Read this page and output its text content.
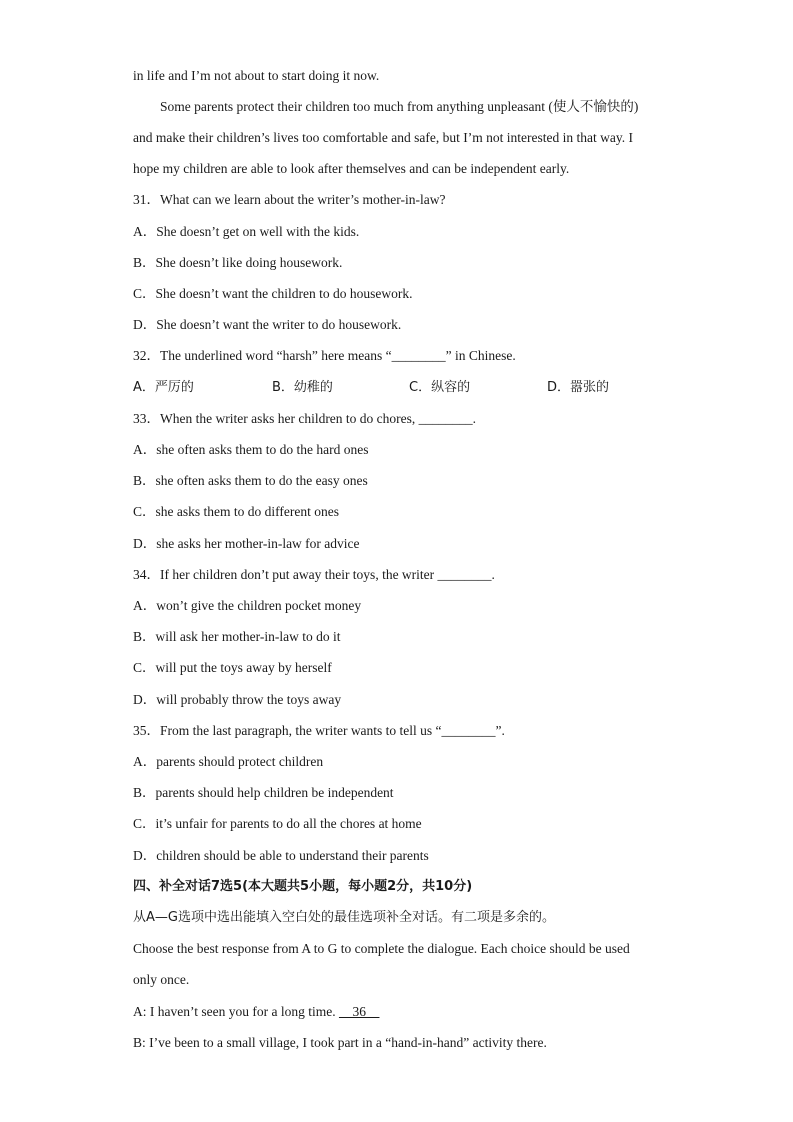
in life and I’m not about to start doing it now.
Some parents protect their children too much from anything unpleasant (使人不愉快的)
and make their children’s lives too comfortable and safe, but I’m not interested in that way. I
hope my children are able to look after themselves and can be independent early.
31．What can we learn about the writer’s mother-in-law?
A．She doesn’t get on well with the kids.
B．She doesn’t like doing housework.
C．She doesn’t want the children to do housework.
D．She doesn’t want the writer to do housework.
32．The underlined word “harsh” here means “________” in Chinese.
A．严厉的	B．幼稚的	C．纵容的	D．嚣张的
33．When the writer asks her children to do chores, ________.
A．she often asks them to do the hard ones
B．she often asks them to do the easy ones
C．she asks them to do different ones
D．she asks her mother-in-law for advice
34．If her children don’t put away their toys, the writer ________.
A．won’t give the children pocket money
B．will ask her mother-in-law to do it
C．will put the toys away by herself
D．will probably throw the toys away
35．From the last paragraph, the writer wants to tell us “________”.
A．parents should protect children
B．parents should help children be independent
C．it’s unfair for parents to do all the chores at home
D．children should be able to understand their parents
四、补全对话7选5(本大题共5小题，每小题2分，共10分)
从A—G选项中选出能填入空白处的最佳选项补全对话。有二项是多余的。
Choose the best response from A to G to complete the dialogue. Each choice should be used
only once.
A: I haven’t seen you for a long time.     36
B: I’ve been to a small village, I took part in a “hand-in-hand” activity there.
